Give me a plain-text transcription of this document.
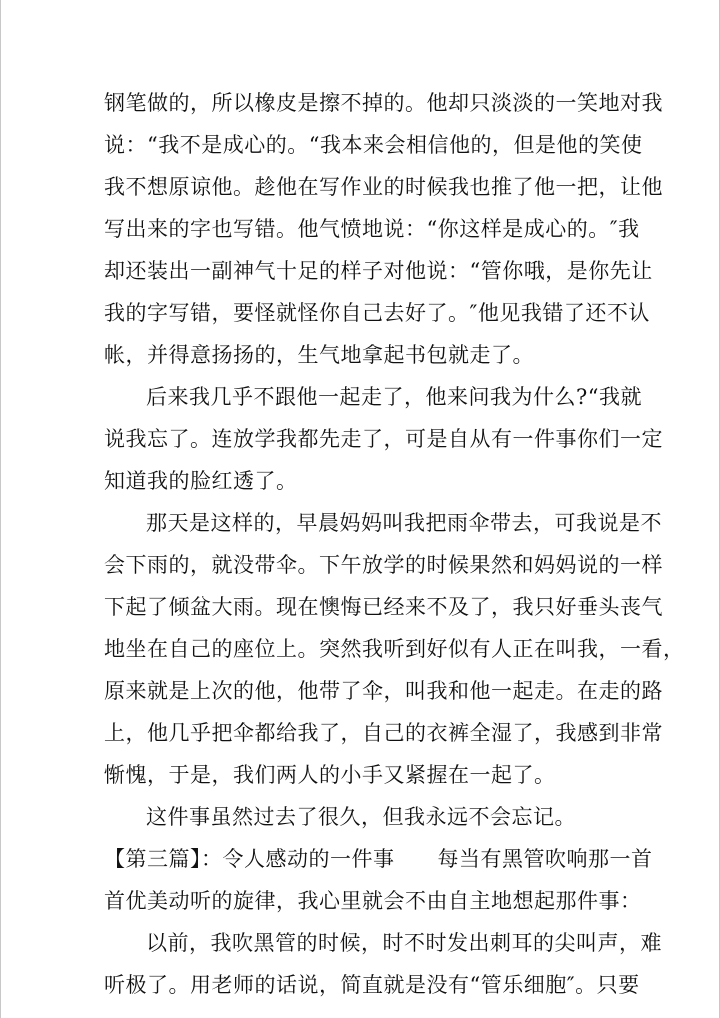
钢笔做的，所以橡皮是擦不掉的。他却只淡淡的一笑地对我

说：“我不是成心的。“我本来会相信他的，但是他的笑使

我不想原谅他。趁他在写作业的时候我也推了他一把，让他

写出来的字也写错。他气愤地说：“你这样是成心的。″我

却还装出一副神气十足的样子对他说：“管你哦，是你先让

我的字写错，要怪就怪你自己去好了。″他见我错了还不认

帐，并得意扬扬的，生气地拿起书包就走了。

后来我几乎不跟他一起走了，他来问我为什么?“我就

说我忘了。连放学我都先走了，可是自从有一件事你们一定

知道我的脸红透了。

那天是这样的，早晨妈妈叫我把雨伞带去，可我说是不

会下雨的，就没带伞。下午放学的时候果然和妈妈说的一样

下起了倾盆大雨。现在懊悔已经来不及了，我只好垂头丧气

地坐在自己的座位上。突然我听到好似有人正在叫我，一看，

原来就是上次的他，他带了伞，叫我和他一起走。在走的路

上，他几乎把伞都给我了，自己的衣裤全湿了，我感到非常

惭愧，于是，我们两人的小手又紧握在一起了。

这件事虽然过去了很久，但我永远不会忘记。

【第三篇】：令人感动的一件事　　每当有黑管吹响那一首

首优美动听的旋律，我心里就会不由自主地想起那件事：

以前，我吹黑管的时候，时不时发出刺耳的尖叫声，难

听极了。用老师的话说，简直就是没有“管乐细胞″。只要
